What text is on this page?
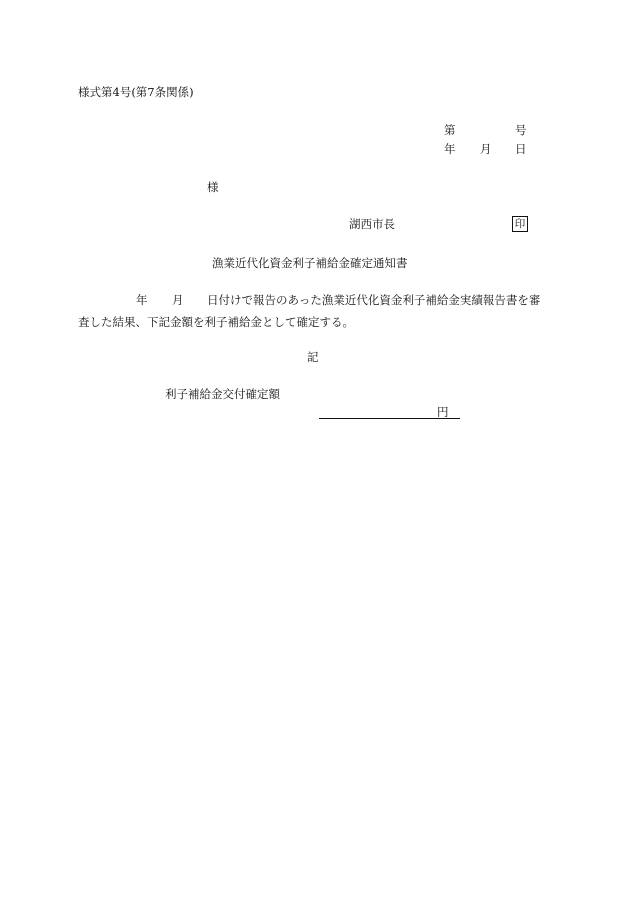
様式第4号(第7条関係)
第	号
年 月 日
様
湖西市長	印
漁業近代化資金利子補給金確定通知書
年 月 日付けで報告のあった漁業近代化資金利子補給金実績報告書を審
査した結果、下記金額を利子補給金として確定する。
記
利子補給金交付確定額
円
